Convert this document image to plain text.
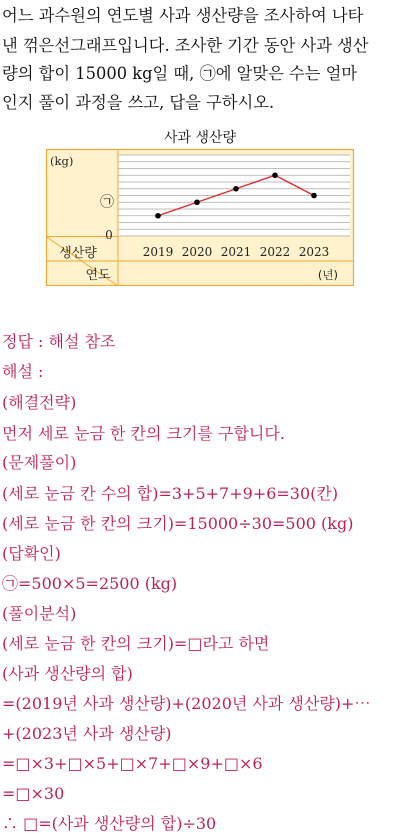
어느 과수원의 연도별 사과 생산량을 조사하여 나타
낸 꺾은선그래프입니다. 조사한 기간 동안 사과 생산
량의 합이 15000 kg일 때, ㉠에 알맞은 수는 얼마
인지 풀이 과정을 쓰고, 답을 구하시오.
사과 생산량
(kg)
0
㉠
생산량
연도	(년)
2019 2020 2021 2022 2023
정답 : 해설 참조
해설 :
(해결전략)
먼저 세로 눈금 한 칸의 크기를 구합니다.
(문제풀이)
(세로 눈금 칸 수의 합)=3+5+7+9+6=30(칸)
(세로 눈금 한 칸의 크기)=15000÷30=500 (kg)
(답확인)
㉠=500×5=2500 (kg)
(풀이분석)
(세로 눈금 한 칸의 크기)=□라고 하면
(사과 생산량의 합)
=(2019년 사과 생산량)+(2020년 사과 생산량)+⋯
+(2023년 사과 생산량)
=□×3+□×5+□×7+□×9+□×6
=□×30
∴ □=(사과 생산량의 합)÷30
